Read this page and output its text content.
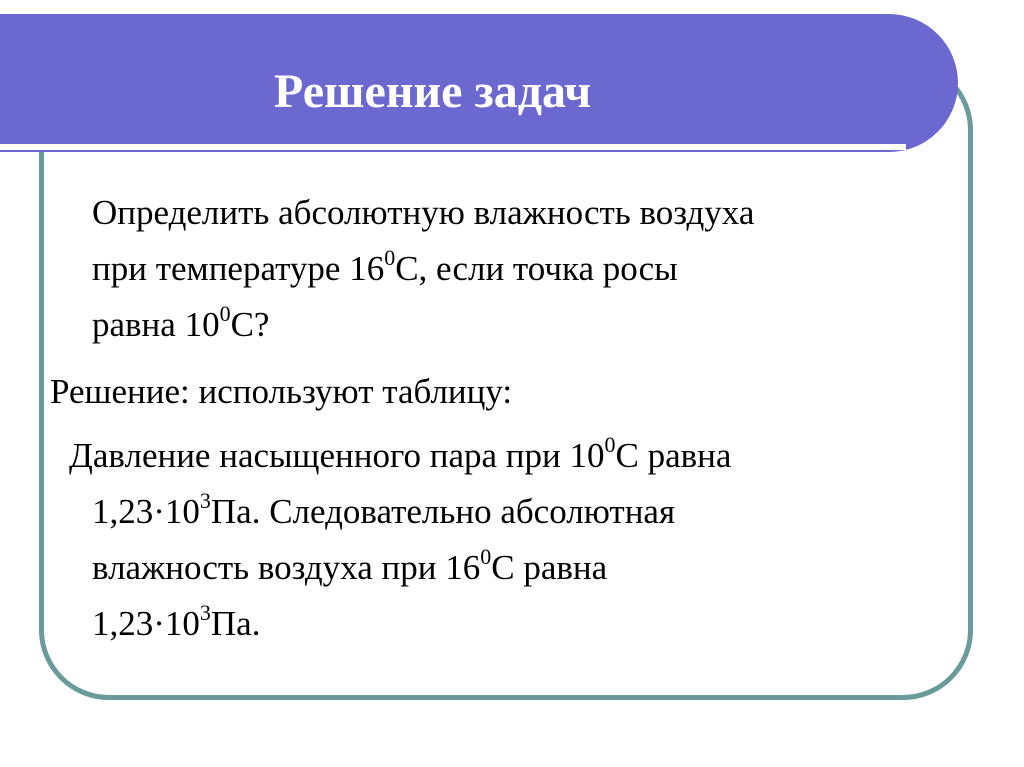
Решение задач
Определить абсолютную влажность воздуха
при температуре $16^0С$, если точка росы
равна $10^0С$?
Решение: используют таблицу:
Давление насыщенного пара при $10^0С$ равна
$1,23\cdot 10^3Па$. Следовательно абсолютная
влажность воздуха при $16^0С$ равна
$1,23\cdot 10^3Па$.
